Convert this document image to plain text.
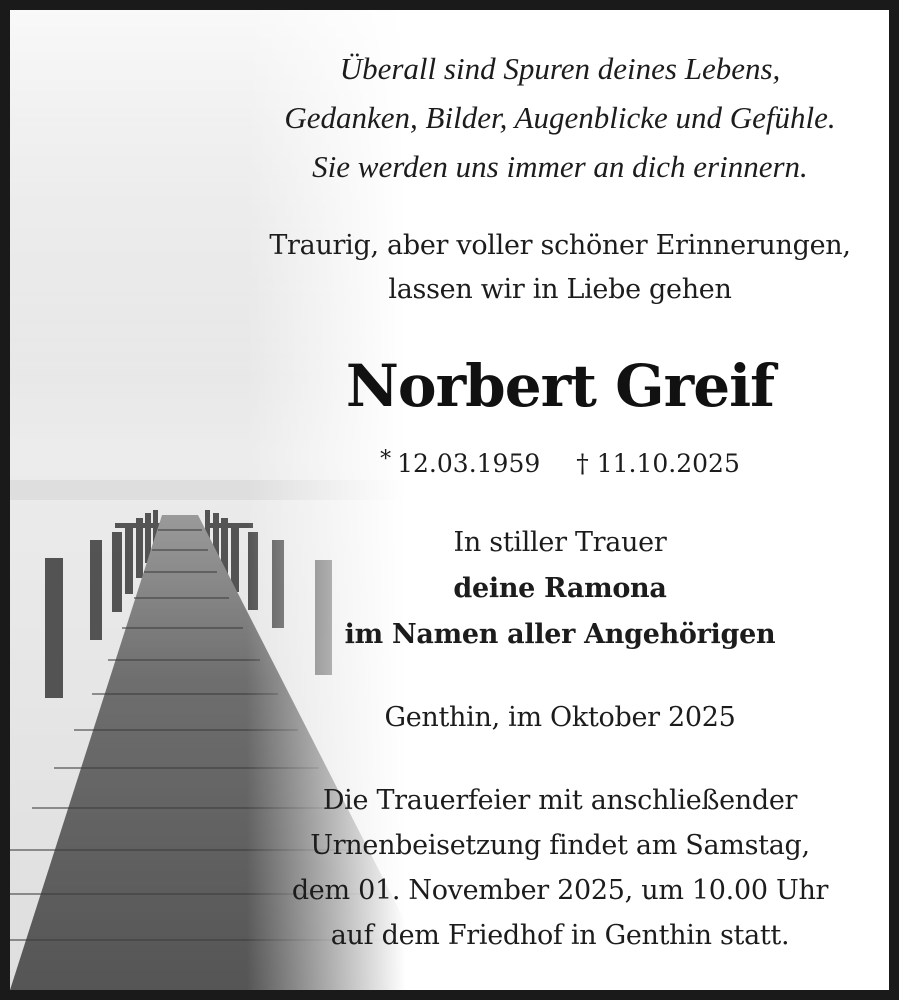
Überall sind Spuren deines Lebens,
Gedanken, Bilder, Augenblicke und Gefühle.
Sie werden uns immer an dich erinnern.
Traurig, aber voller schöner Erinnerungen,
lassen wir in Liebe gehen
Norbert Greif
* 12.03.1959 † 11.10.2025
In stiller Trauer
deine Ramona
im Namen aller Angehörigen
Genthin, im Oktober 2025
Die Trauerfeier mit anschließender
Urnenbeisetzung findet am Samstag,
dem 01. November 2025, um 10.00 Uhr
auf dem Friedhof in Genthin statt.
